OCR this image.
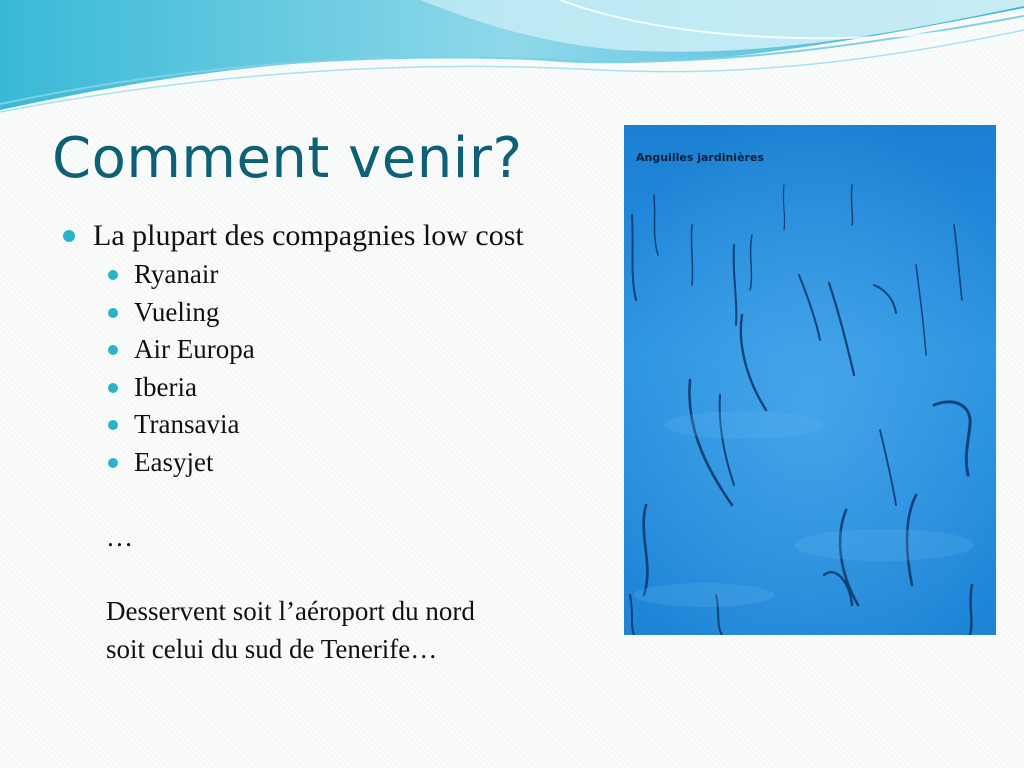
Comment venir?
La plupart des compagnies low cost
Ryanair
Vueling
Air Europa
Iberia
Transavia
Easyjet
…
Desservent soit l’aéroport du nord
soit celui du sud de Tenerife…
Anguilles jardinières
